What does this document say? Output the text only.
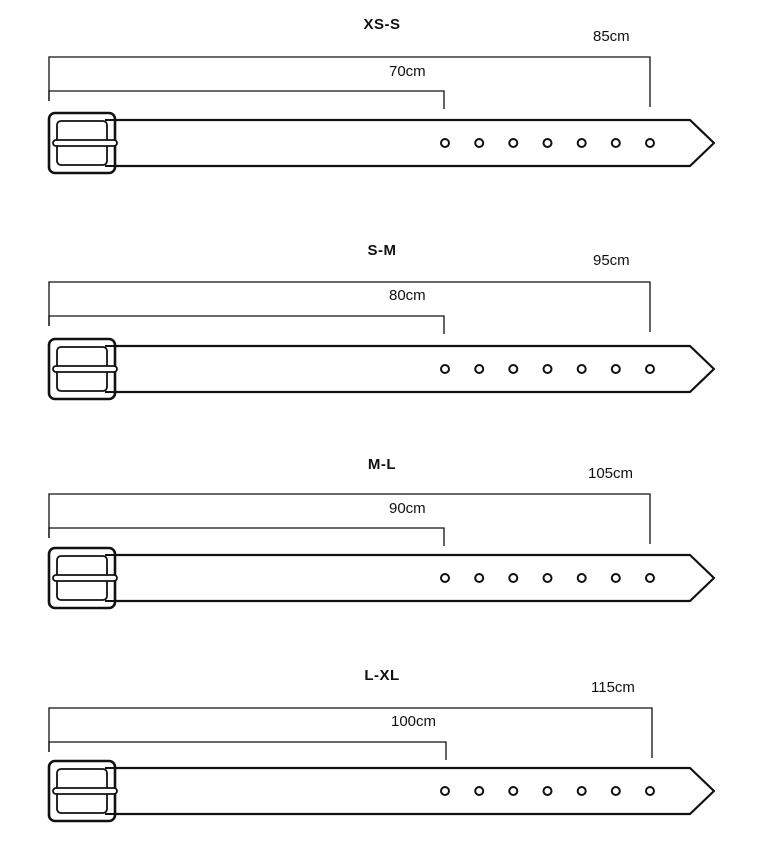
XS-S
85cm
70cm
S-M
95cm
80cm
M-L
105cm
90cm
L-XL
115cm
100cm
